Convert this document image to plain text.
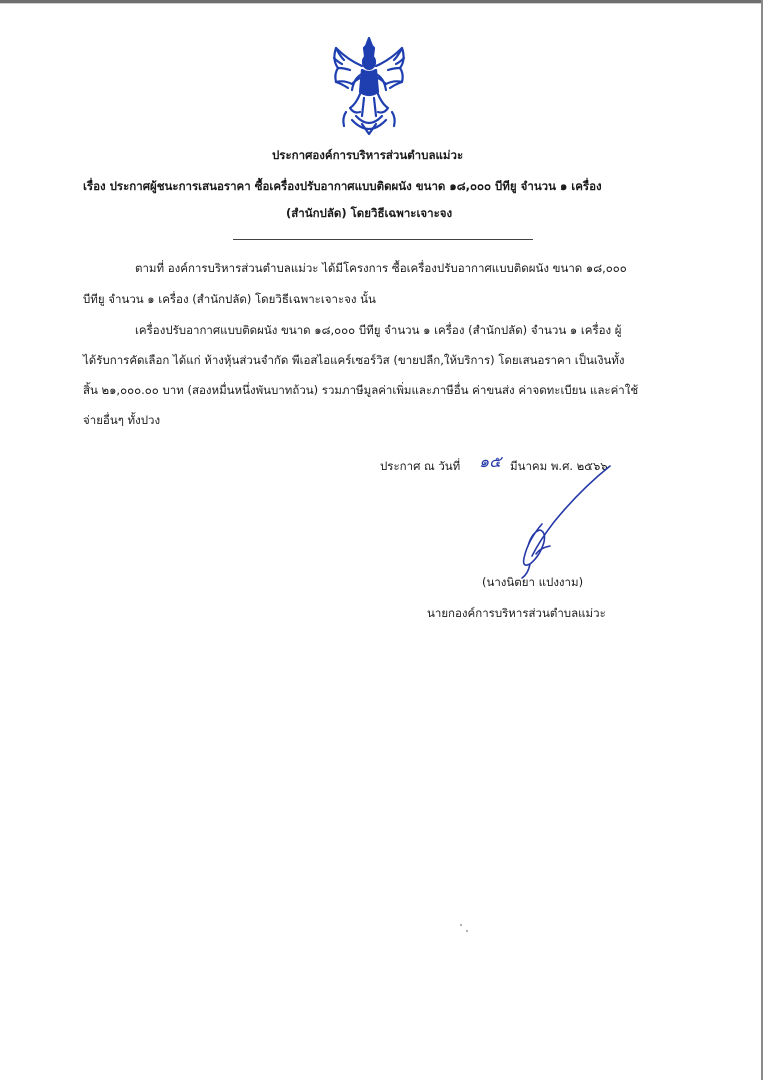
ประกาศองค์การบริหารส่วนตำบลแม่วะ
เรื่อง ประกาศผู้ชนะการเสนอราคา ซื้อเครื่องปรับอากาศแบบติดผนัง ขนาด ๑๘,๐๐๐ บีทียู จำนวน ๑ เครื่อง
(สำนักปลัด) โดยวิธีเฉพาะเจาะจง
ตามที่ องค์การบริหารส่วนตำบลแม่วะ ได้มีโครงการ ซื้อเครื่องปรับอากาศแบบติดผนัง ขนาด ๑๘,๐๐๐
บีทียู จำนวน ๑ เครื่อง (สำนักปลัด) โดยวิธีเฉพาะเจาะจง นั้น
เครื่องปรับอากาศแบบติดผนัง ขนาด ๑๘,๐๐๐ บีทียู จำนวน ๑ เครื่อง (สำนักปลัด) จำนวน ๑ เครื่อง ผู้
ได้รับการคัดเลือก ได้แก่ ห้างหุ้นส่วนจำกัด พีเอสไอแคร์เซอร์วิส (ขายปลีก,ให้บริการ) โดยเสนอราคา เป็นเงินทั้ง
สิ้น ๒๑,๐๐๐.๐๐ บาท (สองหมื่นหนึ่งพันบาทถ้วน) รวมภาษีมูลค่าเพิ่มและภาษีอื่น ค่าขนส่ง ค่าจดทะเบียน และค่าใช้
จ่ายอื่นๆ ทั้งปวง
ประกาศ ณ วันที่ ๑๕ มีนาคม พ.ศ. ๒๕๖๖
(นางนิตยา แปงงาม)
นายกองค์การบริหารส่วนตำบลแม่วะ
